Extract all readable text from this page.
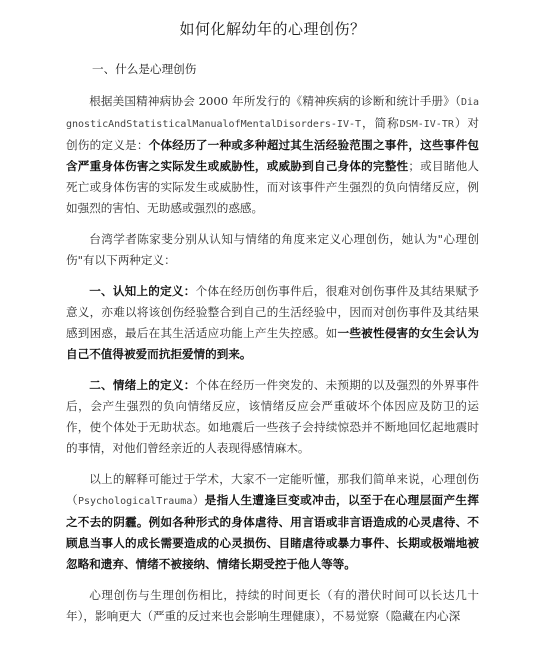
如何化解幼年的心理创伤？
一、什么是心理创伤

根据美国精神病协会 2000 年所发行的《精神疾病的诊断和统计手册》（DiagnosticAndStatisticalManualofMentalDisorders-IV-T，简称DSM-IV-TR）对创伤的定义是：个体经历了一种或多种超过其生活经验范围之事件，这些事件包含严重身体伤害之实际发生或威胁性，或威胁到自己身体的完整性；或目睹他人死亡或身体伤害的实际发生或威胁性，而对该事件产生强烈的负向情绪反应，例如强烈的害怕、无助感或强烈的惑感。

台湾学者陈家斐分别从认知与情绪的角度来定义心理创伤，她认为"心理创伤"有以下两种定义：

一、认知上的定义：个体在经历创伤事件后，很难对创伤事件及其结果赋予意义，亦难以将该创伤经验整合到自己的生活经验中，因而对创伤事件及其结果感到困惑，最后在其生活适应功能上产生失控感。如一些被性侵害的女生会认为自己不值得被爱而抗拒爱情的到来。

二、情绪上的定义：个体在经历一件突发的、未预期的以及强烈的外界事件后，会产生强烈的负向情绪反应，该情绪反应会严重破坏个体因应及防卫的运作，使个体处于无助状态。如地震后一些孩子会持续惊恐并不断地回忆起地震时的事情，对他们曾经亲近的人表现得感情麻木。

以上的解释可能过于学术，大家不一定能听懂，那我们简单来说，心理创伤（PsychologicalTrauma）是指人生遭逢巨变或冲击，以至于在心理层面产生挥之不去的阴霾。例如各种形式的身体虐待、用言语或非言语造成的心灵虐待、不顾息当事人的成长需要造成的心灵损伤、目睹虐待或暴力事件、长期或极端地被忽略和遗弃、情绪不被接纳、情绪长期受控于他人等等。

心理创伤与生理创伤相比，持续的时间更长（有的潜伏时间可以长达几十年），影响更大（严重的反过来也会影响生理健康），不易觉察（隐藏在内心深
